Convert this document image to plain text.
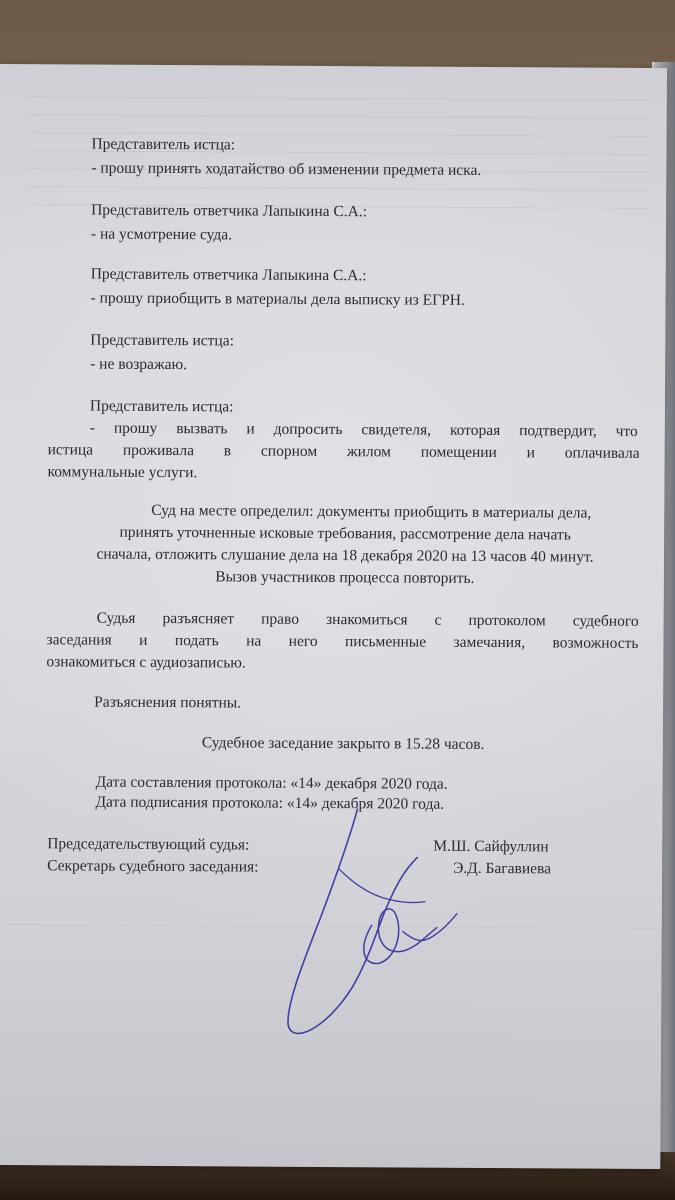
Представитель истца:
- прошу принять ходатайство об изменении предмета иска.
Представитель ответчика Лапыкина С.А.:
- на усмотрение суда.
Представитель ответчика Лапыкина С.А.:
- прошу приобщить в материалы дела выписку из ЕГРН.
Представитель истца:
- не возражаю.
Представитель истца:
- прошу вызвать и допросить свидетеля, которая подтвердит, что
истица проживала в спорном жилом помещении и оплачивала
коммунальные услуги.
Суд на месте определил: документы приобщить в материалы дела,
принять уточненные исковые требования, рассмотрение дела начать
сначала, отложить слушание дела на 18 декабря 2020 на 13 часов 40 минут.
Вызов участников процесса повторить.
Судья разъясняет право знакомиться с протоколом судебного
заседания и подать на него письменные замечания, возможность
ознакомиться с аудиозаписью.
Разъяснения понятны.
Судебное заседание закрыто в 15.28 часов.
Дата составления протокола: «14» декабря 2020 года.
Дата подписания протокола: «14» декабря 2020 года.
Председательствующий судья:	М.Ш. Сайфуллин
Секретарь судебного заседания:	Э.Д. Багавиева
